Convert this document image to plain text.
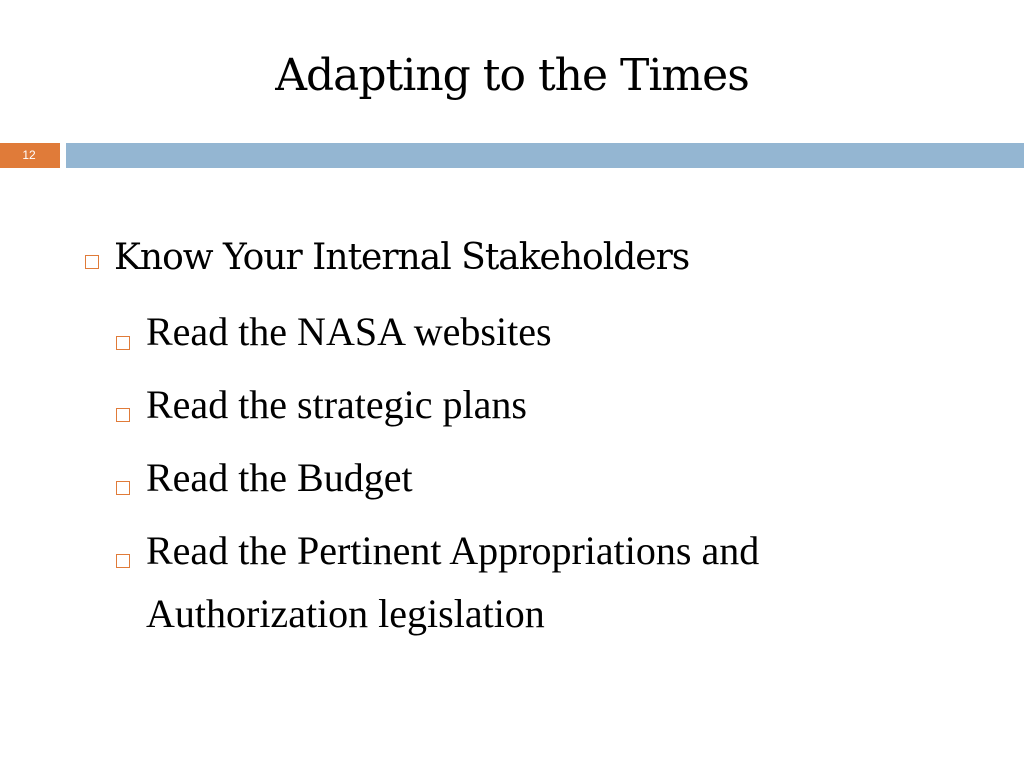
Adapting to the Times
12
Know Your Internal Stakeholders
Read the NASA websites
Read the strategic plans
Read the Budget
Read the Pertinent Appropriations and
Authorization legislation
